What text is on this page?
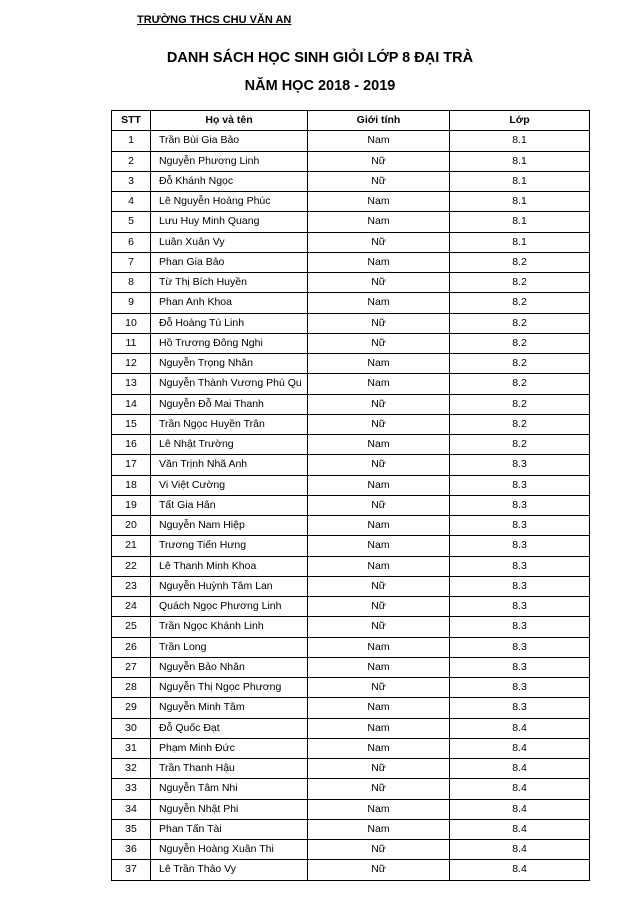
TRƯỜNG THCS CHU VĂN AN
DANH SÁCH HỌC SINH GIỎI LỚP 8 ĐẠI TRÀ
NĂM HỌC 2018 - 2019
STT	Họ và tên	Giới tính	Lớp
1	Trần Bùi Gia Bảo	Nam	8.1
2	Nguyễn Phương Linh	Nữ	8.1
3	Đỗ Khánh Ngọc	Nữ	8.1
4	Lê Nguyễn Hoàng Phúc	Nam	8.1
5	Lưu Huy Minh Quang	Nam	8.1
6	Luân Xuân Vy	Nữ	8.1
7	Phan Gia Bảo	Nam	8.2
8	Từ Thị Bích Huyền	Nữ	8.2
9	Phan Anh Khoa	Nam	8.2
10	Đỗ Hoàng Tú Linh	Nữ	8.2
11	Hồ Trương Đông Nghi	Nữ	8.2
12	Nguyễn Trọng Nhân	Nam	8.2
13	Nguyễn Thành Vương Phú Qu	Nam	8.2
14	Nguyễn Đỗ Mai Thanh	Nữ	8.2
15	Trần Ngọc Huyền Trân	Nữ	8.2
16	Lê Nhật Trường	Nam	8.2
17	Văn Trịnh Nhã Anh	Nữ	8.3
18	Vi Việt Cường	Nam	8.3
19	Tất Gia Hân	Nữ	8.3
20	Nguyễn Nam Hiệp	Nam	8.3
21	Trương Tiến Hưng	Nam	8.3
22	Lê Thanh Minh Khoa	Nam	8.3
23	Nguyễn Huỳnh Tâm Lan	Nữ	8.3
24	Quách Ngọc Phương Linh	Nữ	8.3
25	Trần Ngọc Khánh Linh	Nữ	8.3
26	Trần Long	Nam	8.3
27	Nguyễn Bảo Nhân	Nam	8.3
28	Nguyễn Thị Ngọc Phương	Nữ	8.3
29	Nguyễn Minh Tâm	Nam	8.3
30	Đỗ Quốc Đạt	Nam	8.4
31	Phạm Minh Đức	Nam	8.4
32	Trần Thanh Hậu	Nữ	8.4
33	Nguyễn Tâm Nhi	Nữ	8.4
34	Nguyễn Nhật Phi	Nam	8.4
35	Phan Tấn Tài	Nam	8.4
36	Nguyễn Hoàng Xuân Thi	Nữ	8.4
37	Lê Trần Thảo Vy	Nữ	8.4
